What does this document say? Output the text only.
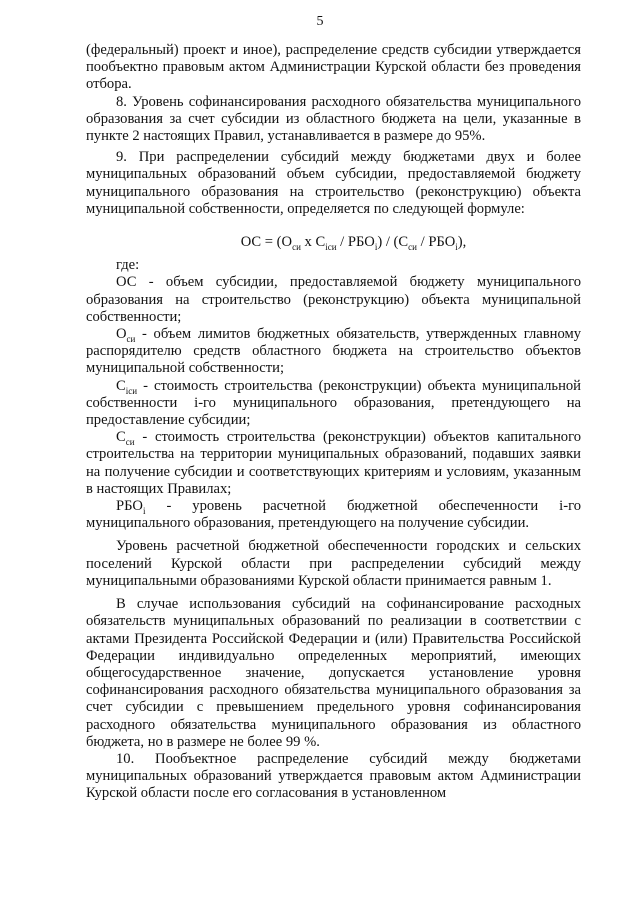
5

(федеральный) проект и иное), распределение средств субсидии утверждается пообъектно правовым актом Администрации Курской области без проведения отбора.

8. Уровень софинансирования расходного обязательства муниципального образования за счет субсидии из областного бюджета на цели, указанные в пункте 2 настоящих Правил, устанавливается в размере до 95%.

9. При распределении субсидий между бюджетами двух и более муниципальных образований объем субсидии, предоставляемой бюджету муниципального образования на строительство (реконструкцию) объекта муниципальной собственности, определяется по следующей формуле:

ОС = ($О_{си}$ x $С_{iси} / РБО_i) / (С_{си} / РБО_i)$,

где:

ОС - объем субсидии, предоставляемой бюджету муниципального образования на строительство (реконструкцию) объекта муниципальной собственности;

$О_{си}$ - объем лимитов бюджетных обязательств, утвержденных главному распорядителю средств областного бюджета на строительство объектов муниципальной собственности;

$С_{iси}$ - стоимость строительства (реконструкции) объекта муниципальной собственности i-го муниципального образования, претендующего на предоставление субсидии;

$С_{си}$ - стоимость строительства (реконструкции) объектов капитального строительства на территории муниципальных образований, подавших заявки на получение субсидии и соответствующих критериям и условиям, указанным в настоящих Правилах;

$РБО_i$ - уровень расчетной бюджетной обеспеченности i-го муниципального образования, претендующего на получение субсидии.

Уровень расчетной бюджетной обеспеченности городских и сельских поселений Курской области при распределении субсидий между муниципальными образованиями Курской области принимается равным 1.

В случае использования субсидий на софинансирование расходных обязательств муниципальных образований по реализации в соответствии с актами Президента Российской Федерации и (или) Правительства Российской Федерации индивидуально определенных мероприятий, имеющих общегосударственное значение, допускается установление уровня софинансирования расходного обязательства муниципального образования за счет субсидии с превышением предельного уровня софинансирования расходного обязательства муниципального образования из областного бюджета, но в размере не более 99 %.

10. Пообъектное распределение субсидий между бюджетами муниципальных образований утверждается правовым актом Администрации Курской области после его согласования в установленном
